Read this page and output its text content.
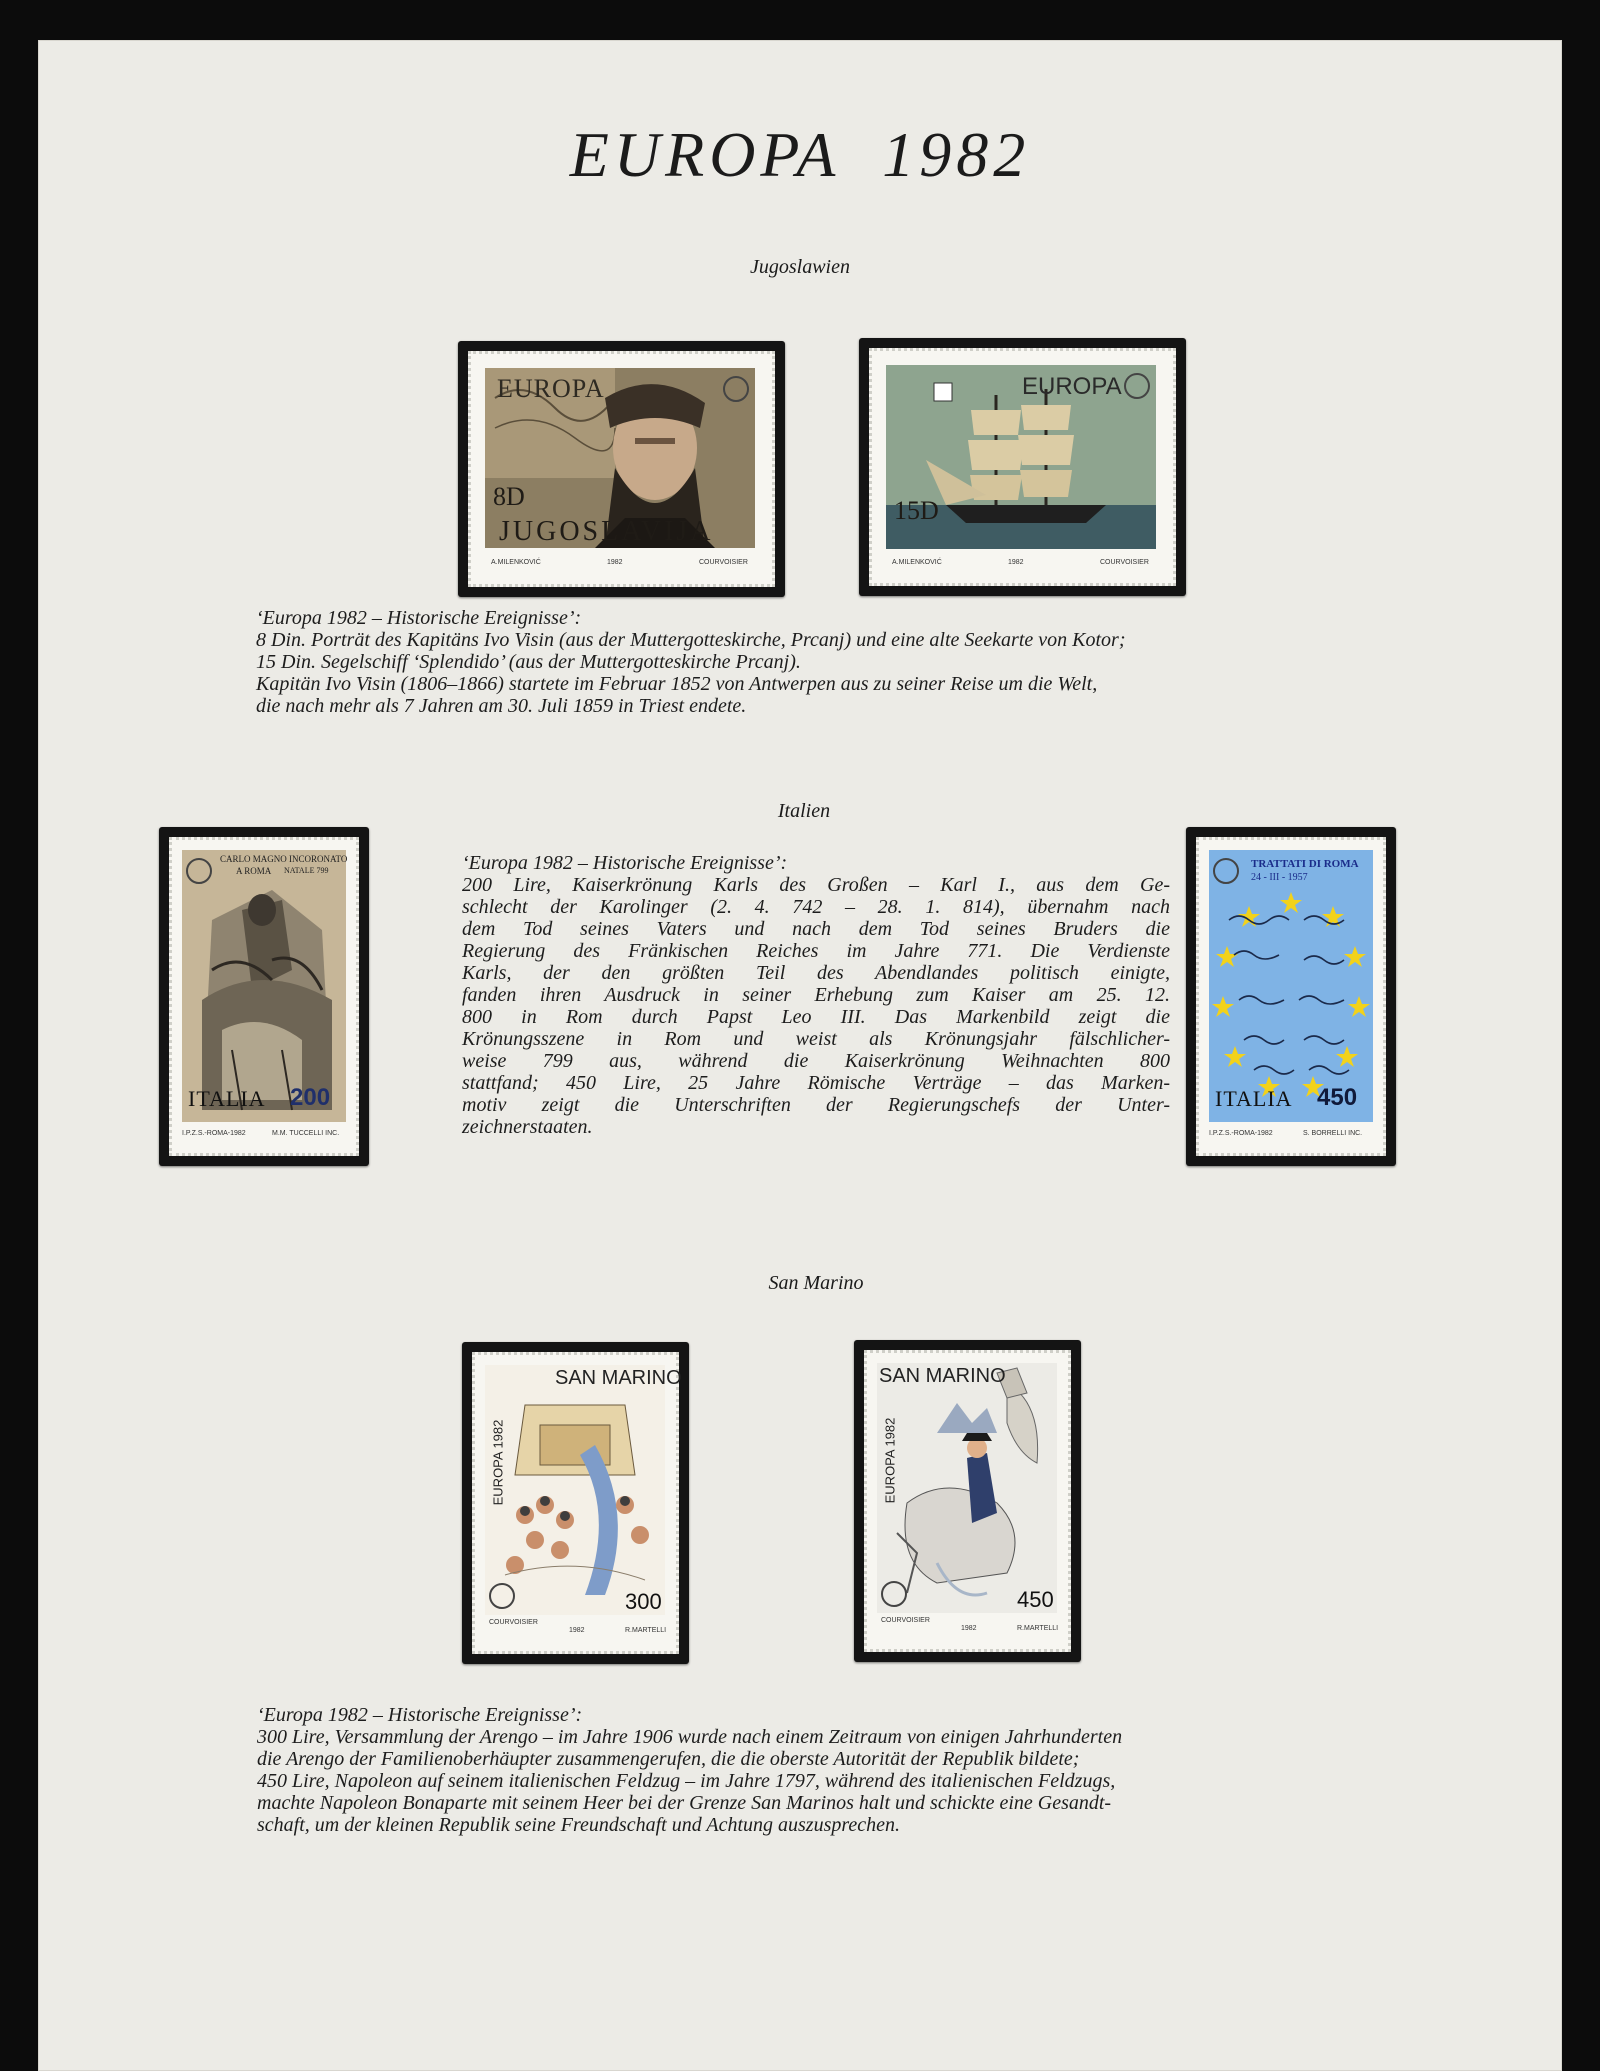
EUROPA 1982
Jugoslawien
EUROPA
8D
JUGOSLAVIJA
A.MILENKOVIĆ	1982	COURVOISIER
EUROPA
15D
A.MILENKOVIĆ	1982	COURVOISIER
‘Europa 1982 – Historische Ereignisse’:
8 Din. Porträt des Kapitäns Ivo Visin (aus der Muttergotteskirche, Prcanj) und eine alte Seekarte von Kotor;
15 Din. Segelschiff ‘Splendido’ (aus der Muttergotteskirche Prcanj).
Kapitän Ivo Visin (1806–1866) startete im Februar 1852 von Antwerpen aus zu seiner Reise um die Welt,
die nach mehr als 7 Jahren am 30. Juli 1859 in Triest endete.
Italien
CARLO MAGNO INCORONATO
A ROMA NATALE 799
ITALIA 200
I.P.Z.S.-ROMA-1982	M.M. TUCCELLI INC.
TRATTATI DI ROMA
24 - III - 1957
ITALIA 450
I.P.Z.S.-ROMA-1982	S. BORRELLI INC.
‘Europa 1982 – Historische Ereignisse’:
200 Lire, Kaiserkrönung Karls des Großen – Karl I., aus dem Ge-
schlecht der Karolinger (2. 4. 742 – 28. 1. 814), übernahm nach
dem Tod seines Vaters und nach dem Tod seines Bruders die
Regierung des Fränkischen Reiches im Jahre 771. Die Verdienste
Karls, der den größten Teil des Abendlandes politisch einigte,
fanden ihren Ausdruck in seiner Erhebung zum Kaiser am 25. 12.
800 in Rom durch Papst Leo III. Das Markenbild zeigt die
Krönungsszene in Rom und weist als Krönungsjahr fälschlicher-
weise 799 aus, während die Kaiserkrönung Weihnachten 800
stattfand; 450 Lire, 25 Jahre Römische Verträge – das Marken-
motiv zeigt die Unterschriften der Regierungschefs der Unter-
zeichnerstaaten.
San Marino
SAN MARINO
EUROPA 1982
300
COURVOISIER
1982	R.MARTELLI
SAN MARINO
EUROPA 1982
450
COURVOISIER
1982	R.MARTELLI
‘Europa 1982 – Historische Ereignisse’:
300 Lire, Versammlung der Arengo – im Jahre 1906 wurde nach einem Zeitraum von einigen Jahrhunderten
die Arengo der Familienoberhäupter zusammengerufen, die die oberste Autorität der Republik bildete;
450 Lire, Napoleon auf seinem italienischen Feldzug – im Jahre 1797, während des italienischen Feldzugs,
machte Napoleon Bonaparte mit seinem Heer bei der Grenze San Marinos halt und schickte eine Gesandt-
schaft, um der kleinen Republik seine Freundschaft und Achtung auszusprechen.
